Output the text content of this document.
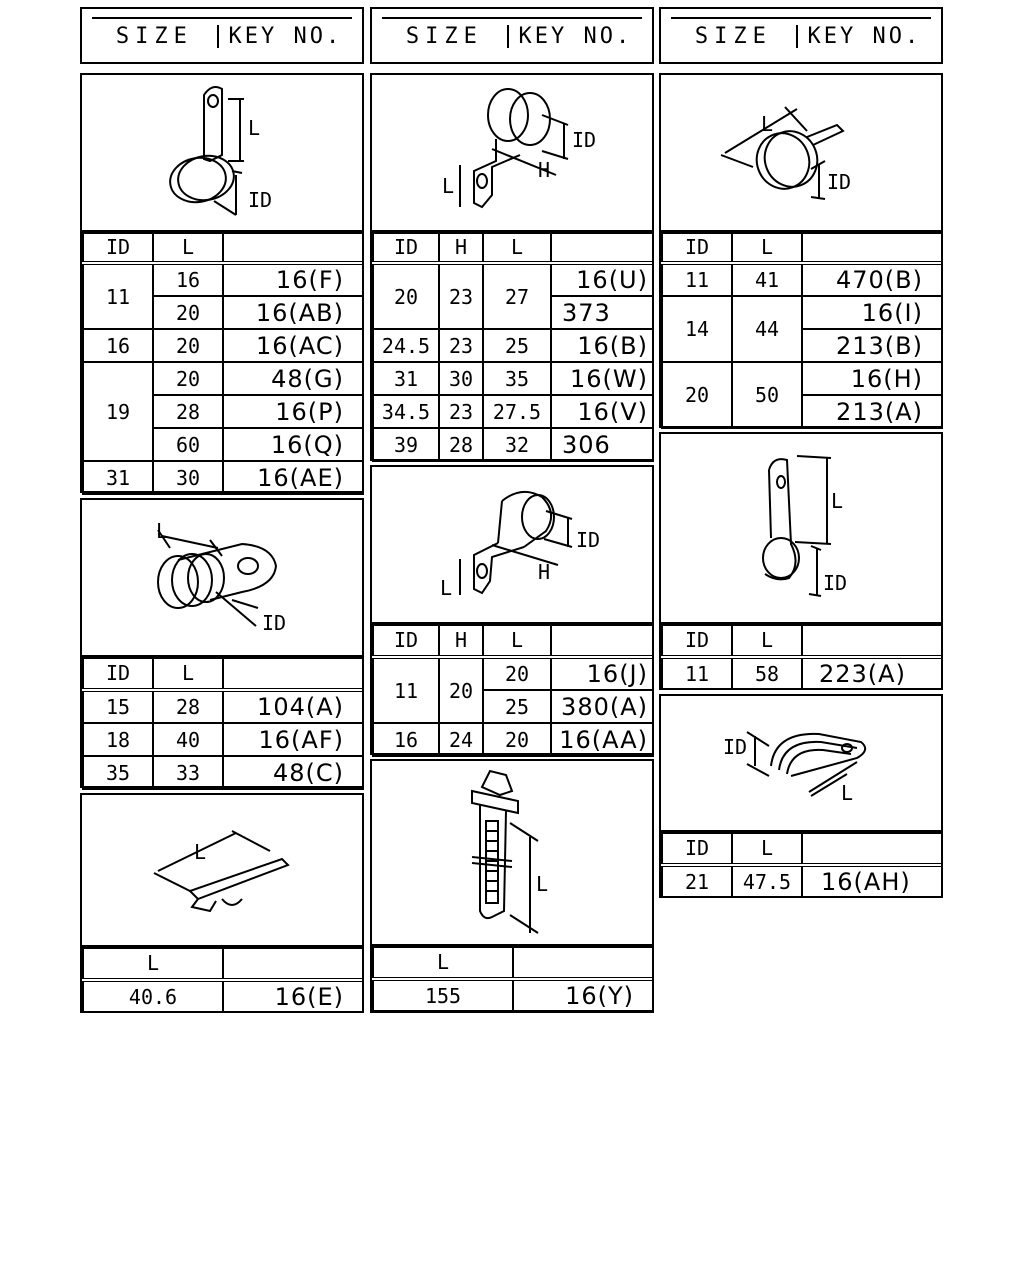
SIZE	KEY NO.	SIZE	KEY NO.	SIZE	KEY NO.
L
ID
ID	L	
11	16	16(F)
	20	16(AB)
16	20	16(AC)
19	20	48(G)
	28	16(P)
	60	16(Q)
31	30	16(AE)
L
ID
ID	L	
15	28	104(A)
18	40	16(AF)
35	33	48(C)
L
L	
40.6	16(E)
ID
H
L
ID	H	L	
20	23	27	16(U)
			373
24.5	23	25	16(B)
31	30	35	16(W)
34.5	23	27.5	16(V)
39	28	32	306
ID
H
L
ID	H	L	
11	20	20	16(J)
		25	380(A)
16	24	20	16(AA)
L
L	
155	16(Y)
L
ID
ID	L	
11	41	470(B)
14	44	16(I)
		213(B)
20	50	16(H)
		213(A)
L
ID
ID	L	
11	58	223(A)
ID
L
ID	L	
21	47.5	16(AH)
